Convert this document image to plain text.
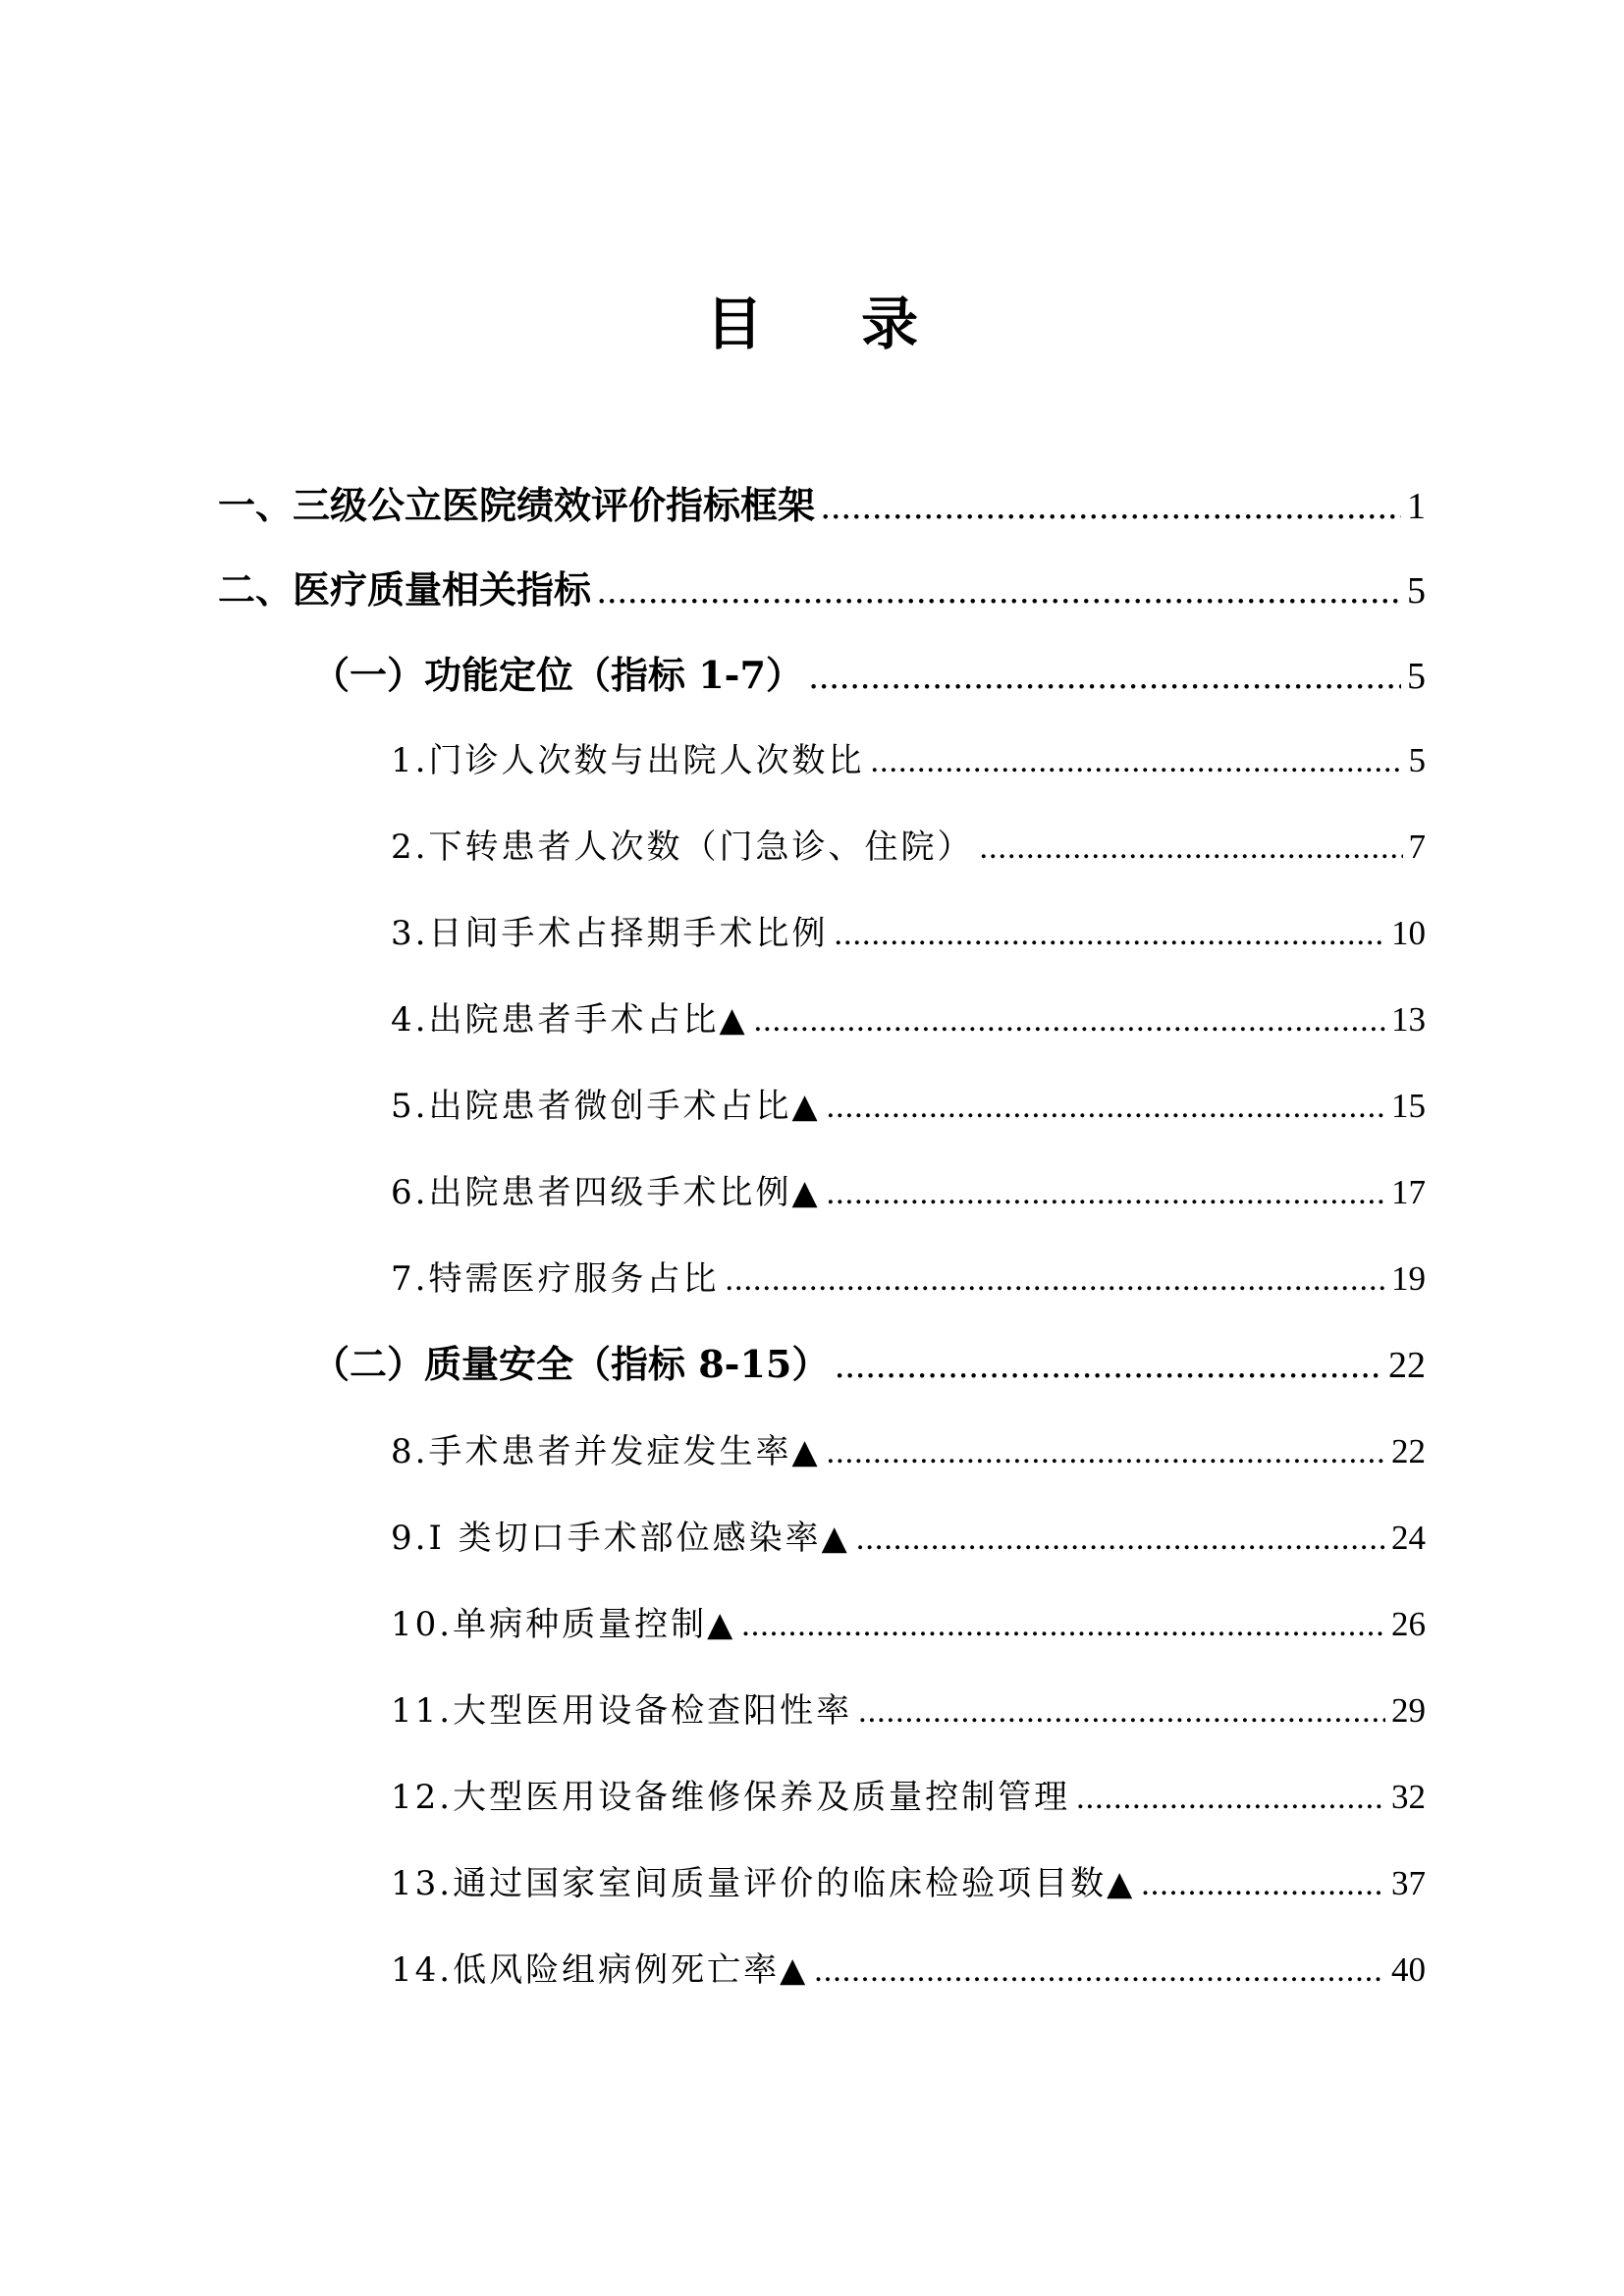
目 录
一、三级公立医院绩效评价指标框架 .....	1
二、医疗质量相关指标 .....	5
（一）功能定位（指标 1-7） .....	5
1.门诊人次数与出院人次数比 .....	5
2.下转患者人次数（门急诊、住院） .....	7
3.日间手术占择期手术比例 .....	10
4.出院患者手术占比▲ .....	13
5.出院患者微创手术占比▲ .....	15
6.出院患者四级手术比例▲ .....	17
7.特需医疗服务占比 .....	19
（二）质量安全（指标 8-15） .....	22
8.手术患者并发症发生率▲ .....	22
9.I 类切口手术部位感染率▲ .....	24
10.单病种质量控制▲ .....	26
11.大型医用设备检查阳性率 .....	29
12.大型医用设备维修保养及质量控制管理 .....	32
13.通过国家室间质量评价的临床检验项目数▲ .....	37
14.低风险组病例死亡率▲ .....	40
